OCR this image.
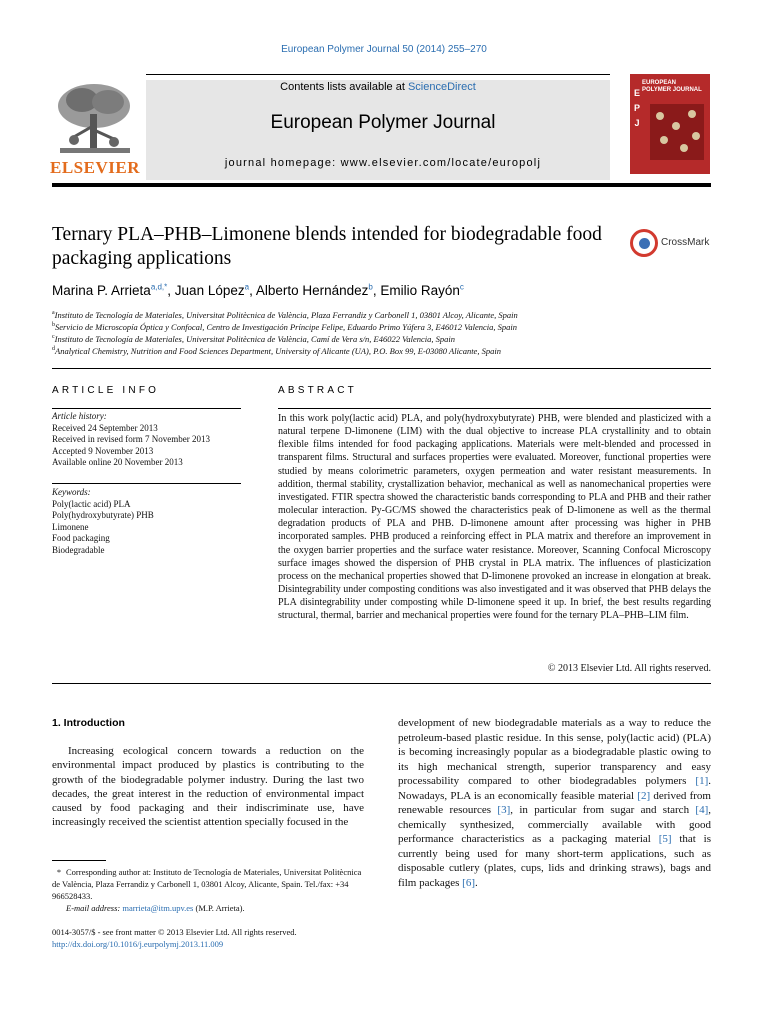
European Polymer Journal 50 (2014) 255–270
ELSEVIER
Contents lists available at ScienceDirect
European Polymer Journal
journal homepage: www.elsevier.com/locate/europolj
EUROPEAN POLYMER JOURNAL
E
P
J
Ternary PLA–PHB–Limonene blends intended for biodegradable food packaging applications
CrossMark
Marina P. Arrieta$^{a,d,*}$, Juan López$^a$, Alberto Hernández$^b$, Emilio Rayón$^c$
$^a$Instituto de Tecnología de Materiales, Universitat Politècnica de València, Plaza Ferrandiz y Carbonell 1, 03801 Alcoy, Alicante, Spain
$^b$Servicio de Microscopía Óptica y Confocal, Centro de Investigación Príncipe Felipe, Eduardo Primo Yúfera 3, E46012 Valencia, Spain
$^c$Instituto de Tecnología de Materiales, Universitat Politècnica de València, Camí de Vera s/n, E46022 Valencia, Spain
$^d$Analytical Chemistry, Nutrition and Food Sciences Department, University of Alicante (UA), P.O. Box 99, E-03080 Alicante, Spain
ARTICLE INFO	ABSTRACT
Article history:
Received 24 September 2013
Received in revised form 7 November 2013
Accepted 9 November 2013
Available online 20 November 2013
Keywords:
Poly(lactic acid) PLA
Poly(hydroxybutyrate) PHB
Limonene
Food packaging
Biodegradable
In this work poly(lactic acid) PLA, and poly(hydroxybutyrate) PHB, were blended and plasticized with a natural terpene D-limonene (LIM) with the dual objective to increase PLA crystallinity and to obtain flexible films intended for food packaging applications. Materials were melt-blended and processed in transparent films. Structural and surfaces properties were evaluated. Moreover, functional properties were studied by means colorimetric parameters, oxygen permeation and water resistant measurements. In addition, thermal stability, crystallization behavior, mechanical as well as nanomechanical properties were investigated. FTIR spectra showed the characteristic bands corresponding to PLA and PHB and their rather molecular interaction. Py-GC/MS showed the characteristics peak of D-limonene as well as the thermal degradation products of PLA and PHB. D-limonene amount after processing was higher in PHB incorporated samples. PHB produced a reinforcing effect in PLA matrix and therefore an improvement in the oxygen barrier properties and the surface water resistance. Moreover, Scanning Confocal Microscopy surface images showed the dispersion of PHB crystal in PLA matrix. The influences of plasticization process on the mechanical properties showed that D-limonene provoked an increase in elongation at break. Disintegrability under composting conditions was also investigated and it was observed that PHB delays the PLA disintegrability under composting while D-limonene speed it up. In brief, the best results regarding structural, thermal, barrier and mechanical properties were found for the ternary PLA–PHB–LIM film.
© 2013 Elsevier Ltd. All rights reserved.
1. Introduction
Increasing ecological concern towards a reduction on the environmental impact produced by plastics is contributing to the growth of the biodegradable polymer industry. During the last two decades, the great interest in the reduction of environmental impact caused by food packaging and their indiscriminate use, have increasingly received the scientist attention specially focused in the
development of new biodegradable materials as a way to reduce the petroleum-based plastic residue. In this sense, poly(lactic acid) (PLA) is becoming increasingly popular as a biodegradable plastic owing to its high mechanical strength, superior transparency and easy processability compared to other biodegradables polymers [1]. Nowadays, PLA is an economically feasible material [2] derived from renewable resources [3], in particular from sugar and starch [4], chemically synthesized, commercially available with good performance characteristics as a packaging material [5] that is currently being used for many short-term applications, such as disposable cutlery (plates, cups, lids and drinking straws), bags and film packages [6].
* Corresponding author at: Instituto de Tecnología de Materiales, Universitat Politècnica de València, Plaza Ferrandiz y Carbonell 1, 03801 Alcoy, Alicante, Spain. Tel./fax: +34 966528433.
E-mail address: marrieta@itm.upv.es (M.P. Arrieta).
0014-3057/$ - see front matter © 2013 Elsevier Ltd. All rights reserved.
http://dx.doi.org/10.1016/j.eurpolymj.2013.11.009
